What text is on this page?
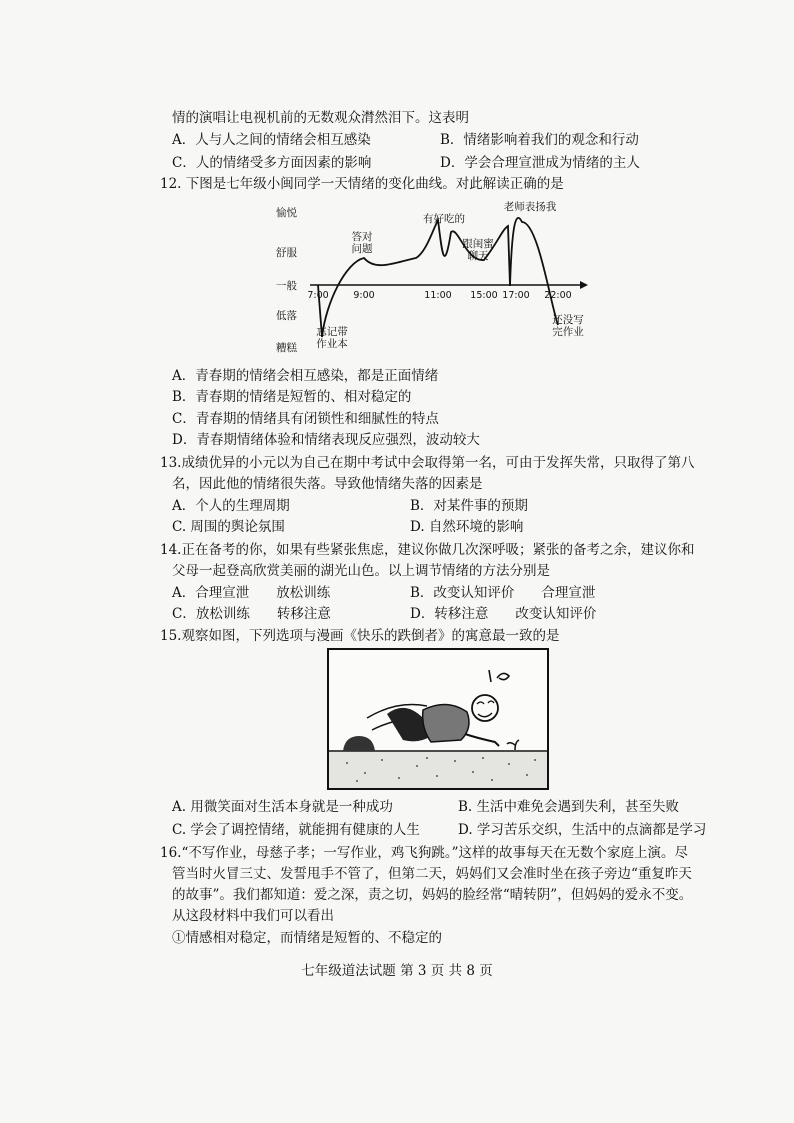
情的演唱让电视机前的无数观众潸然泪下。这表明
A．人与人之间的情绪会相互感染	B．情绪影响着我们的观念和行动
C．人的情绪受多方面因素的影响	D．学会合理宣泄成为情绪的主人
12. 下图是七年级小闽同学一天情绪的变化曲线。对此解读正确的是
愉悦
舒服
一般
低落
糟糕
7:00	9:00	11:00 15:00 17:00 22:00
答对问题
有好吃的
跟闺蜜聊天
老师表扬我
忘记带作业本
还没写完作业
A．青春期的情绪会相互感染，都是正面情绪
B．青春期的情绪是短暂的、相对稳定的
C．青春期的情绪具有闭锁性和细腻性的特点
D．青春期情绪体验和情绪表现反应强烈，波动较大
13.成绩优异的小元以为自己在期中考试中会取得第一名，可由于发挥失常，只取得了第八
名，因此他的情绪很失落。导致他情绪失落的因素是
A．个人的生理周期	B．对某件事的预期
C. 周围的舆论氛围	D. 自然环境的影响
14.正在备考的你，如果有些紧张焦虑，建议你做几次深呼吸；紧张的备考之余，建议你和
父母一起登高欣赏美丽的湖光山色。以上调节情绪的方法分别是
A．合理宣泄　　放松训练	B．改变认知评价　　合理宣泄
C．放松训练　　转移注意	D．转移注意　　改变认知评价
15.观察如图，下列选项与漫画《快乐的跌倒者》的寓意最一致的是
A. 用微笑面对生活本身就是一种成功	B. 生活中难免会遇到失利，甚至失败
C. 学会了调控情绪，就能拥有健康的人生	D. 学习苦乐交织，生活中的点滴都是学习
16.“不写作业，母慈子孝；一写作业，鸡飞狗跳。”这样的故事每天在无数个家庭上演。尽
管当时火冒三丈、发誓甩手不管了，但第二天，妈妈们又会准时坐在孩子旁边“重复昨天
的故事”。我们都知道：爱之深，责之切，妈妈的脸经常“晴转阴”，但妈妈的爱永不变。
从这段材料中我们可以看出
①情感相对稳定，而情绪是短暂的、不稳定的
七年级道法试题 第 3 页 共 8 页
